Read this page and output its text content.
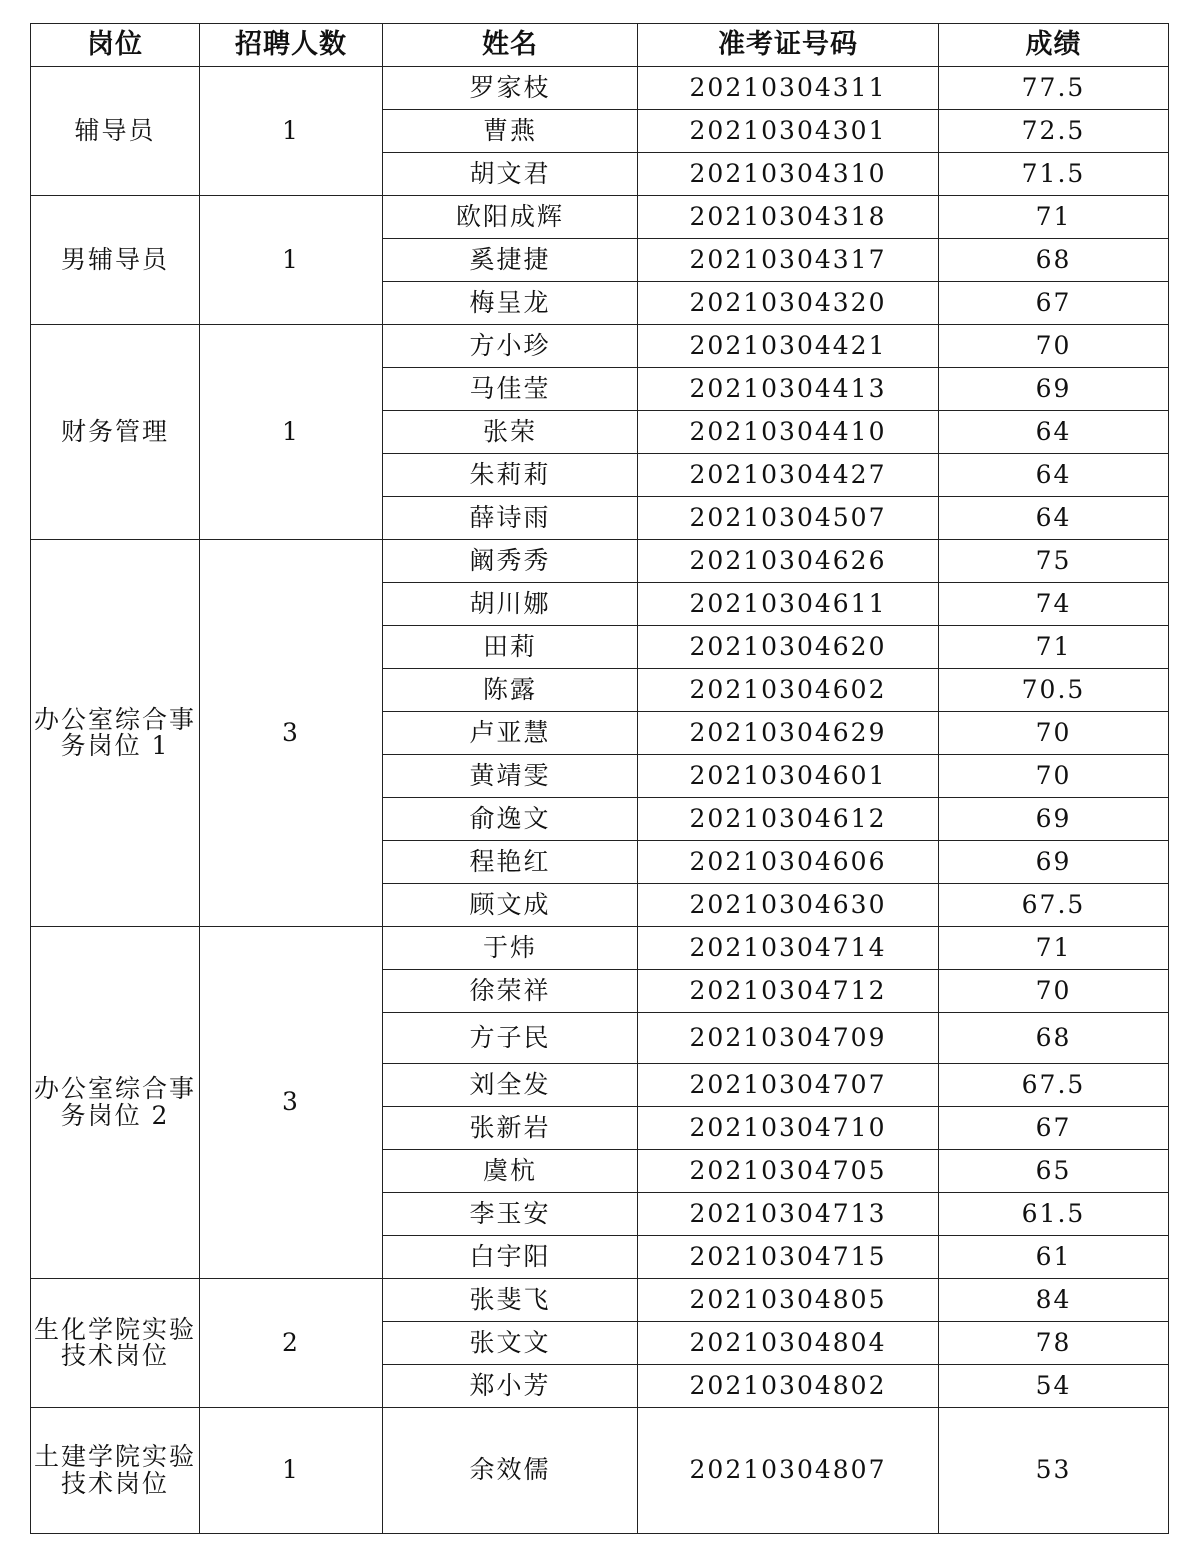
岗位	招聘人数	姓名	准考证号码	成绩
辅导员	1	罗家枝	20210304311	77.5
		曹燕	20210304301	72.5
		胡文君	20210304310	71.5
男辅导员	1	欧阳成辉	20210304318	71
		奚捷捷	20210304317	68
		梅呈龙	20210304320	67
财务管理	1	方小珍	20210304421	70
		马佳莹	20210304413	69
		张荣	20210304410	64
		朱莉莉	20210304427	64
		薛诗雨	20210304507	64
办公室综合事务岗位 1	3	阚秀秀	20210304626	75
		胡川娜	20210304611	74
		田莉	20210304620	71
		陈露	20210304602	70.5
		卢亚慧	20210304629	70
		黄靖雯	20210304601	70
		俞逸文	20210304612	69
		程艳红	20210304606	69
		顾文成	20210304630	67.5
办公室综合事务岗位 2	3	于炜	20210304714	71
		徐荣祥	20210304712	70
		方子民	20210304709	68
		刘全发	20210304707	67.5
		张新岩	20210304710	67
		虞杭	20210304705	65
		李玉安	20210304713	61.5
		白宇阳	20210304715	61
生化学院实验技术岗位	2	张斐飞	20210304805	84
		张文文	20210304804	78
		郑小芳	20210304802	54
土建学院实验技术岗位	1	余效儒	20210304807	53
